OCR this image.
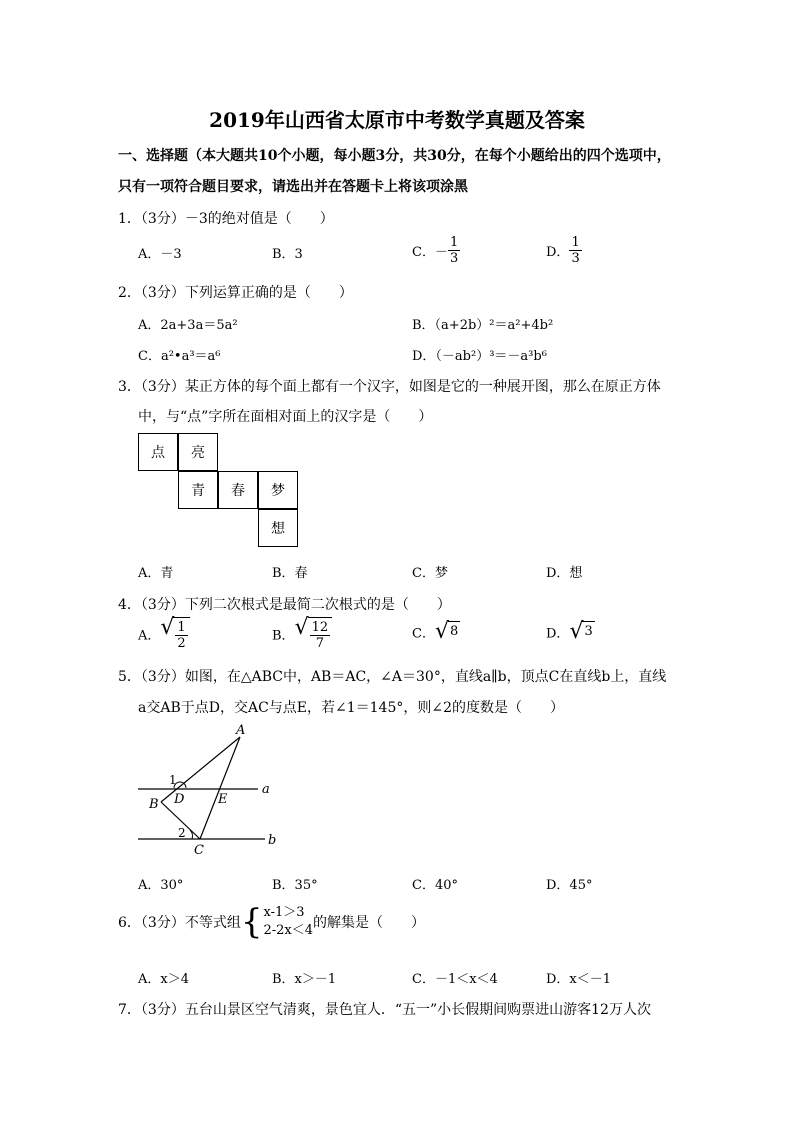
2019年山西省太原市中考数学真题及答案
一、选择题（本大题共10个小题，每小题3分，共30分，在每个小题给出的四个选项中，
只有一项符合题目要求，请选出并在答题卡上将该项涂黑
1．（3分）－3的绝对值是（　　）
A．－3	B．3	C．－ $\frac{1}{3}$	D． $\frac{1}{3}$
2．（3分）下列运算正确的是（　　）
A．2a+3a＝5a²	B．（a+2b）²＝a²+4b²
C．a²•a³＝a⁶	D．（－ab²）³＝－a³b⁶
3．（3分）某正方体的每个面上都有一个汉字，如图是它的一种展开图，那么在原正方体
中，与“点”字所在面相对面上的汉字是（　　）
点	亮
青	春	梦
想
A．青	B．春	C．梦	D．想
4．（3分）下列二次根式是最简二次根式的是（　　）
A． √ $\frac{1}{2}$	B． √ $\frac{12}{7}$	C． √ 8	D． √ 3
5．（3分）如图，在△ABC中，AB＝AC，∠A＝30°，直线a∥b，顶点C在直线b上，直线
a交AB于点D，交AC与点E，若∠1＝145°，则∠2的度数是（　　）
A
B
C
D	E
a
b
1
2
A．30°	B．35°	C．40°	D．45°
6．（3分）不等式组 { x-1＞3
2-2x＜4 的解集是（　　）
A．x＞4	B．x＞－1	C．－1＜x＜4	D．x＜－1
7．（3分）五台山景区空气清爽，景色宜人．“五一”小长假期间购票进山游客12万人次
